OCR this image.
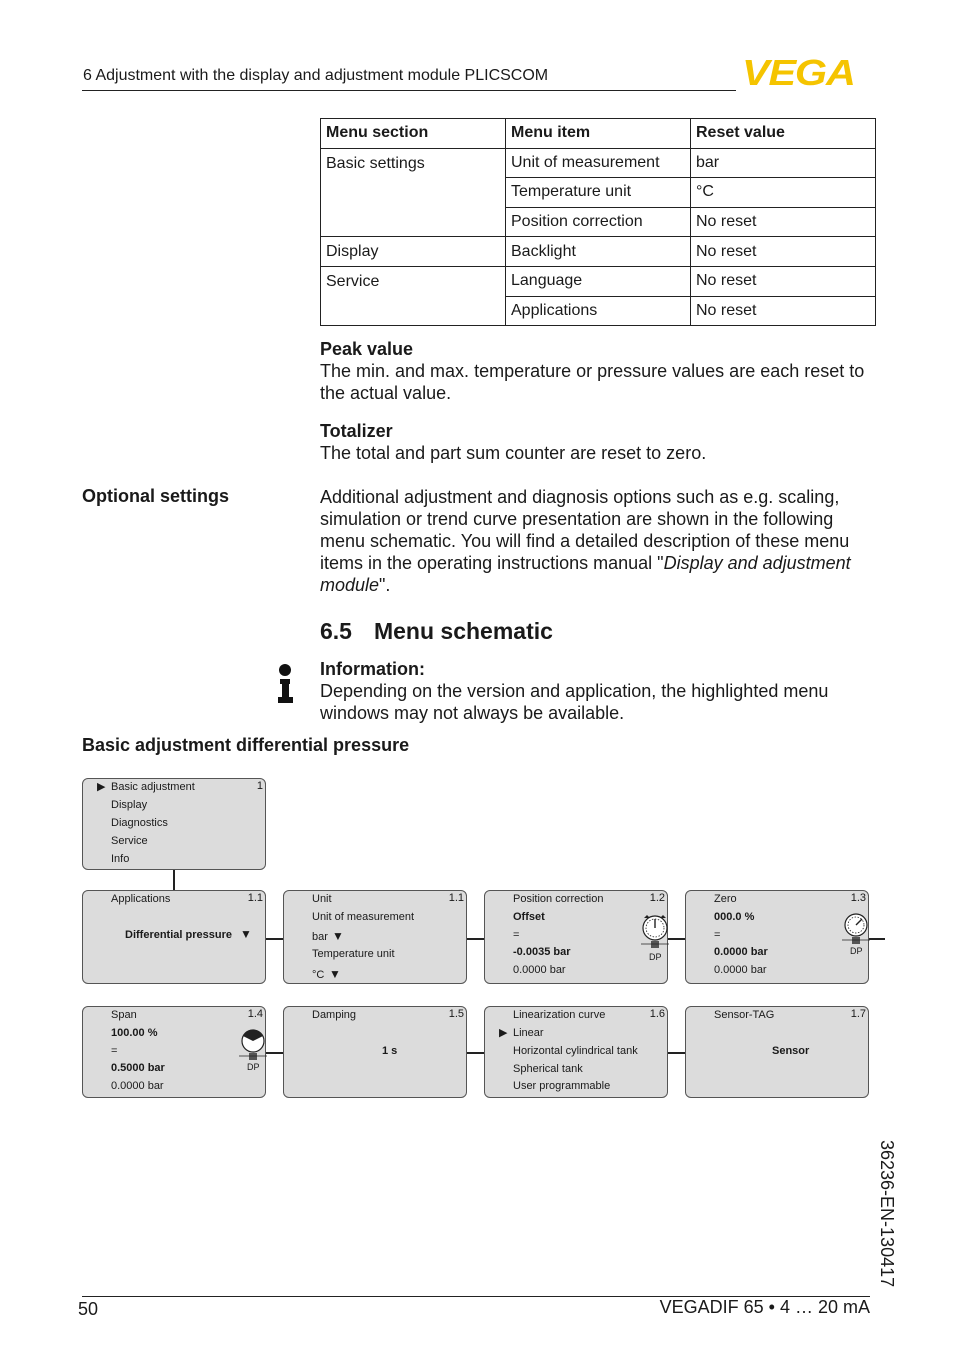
6 Adjustment with the display and adjustment module PLICSCOM	VEGA
Menu section	Menu item	Reset value
Basic settings	Unit of measurement	bar
	Temperature unit	°C
	Position correction	No reset
Display	Backlight	No reset
Service	Language	No reset
	Applications	No reset
Peak value
The min. and max. temperature or pressure values are each reset to the actual value.
Totalizer
The total and part sum counter are reset to zero.
Optional settings	Additional adjustment and diagnosis options such as e.g. scaling, simulation or trend curve presentation are shown in the following menu schematic. You will find a detailed description of these menu items in the operating instructions manual "Display and adjustment module".
6.5 Menu schematic
Information:
Depending on the version and application, the highlighted menu windows may not always be available.
Basic adjustment differential pressure
▶ Basic adjustment	1
Display
Diagnostics
Service
Info
Applications	1.1
Differential pressure ▼
Unit	1.1
Unit of measurement
bar ▼
Temperature unit
°C ▼
Position correction	1.2
Offset
=
-0.0035 bar
0.0000 bar
DP
Zero	1.3
000.0 %
=
0.0000 bar
0.0000 bar
DP
Span	1.4
100.00 %
=
0.5000 bar
0.0000 bar
DP
Damping	1.5
1 s
Linearization curve	1.6
▶ Linear
Horizontal cylindrical tank
Spherical tank
User programmable
Sensor-TAG	1.7
Sensor
36236-EN-130417
50	VEGADIF 65 • 4 … 20 mA
